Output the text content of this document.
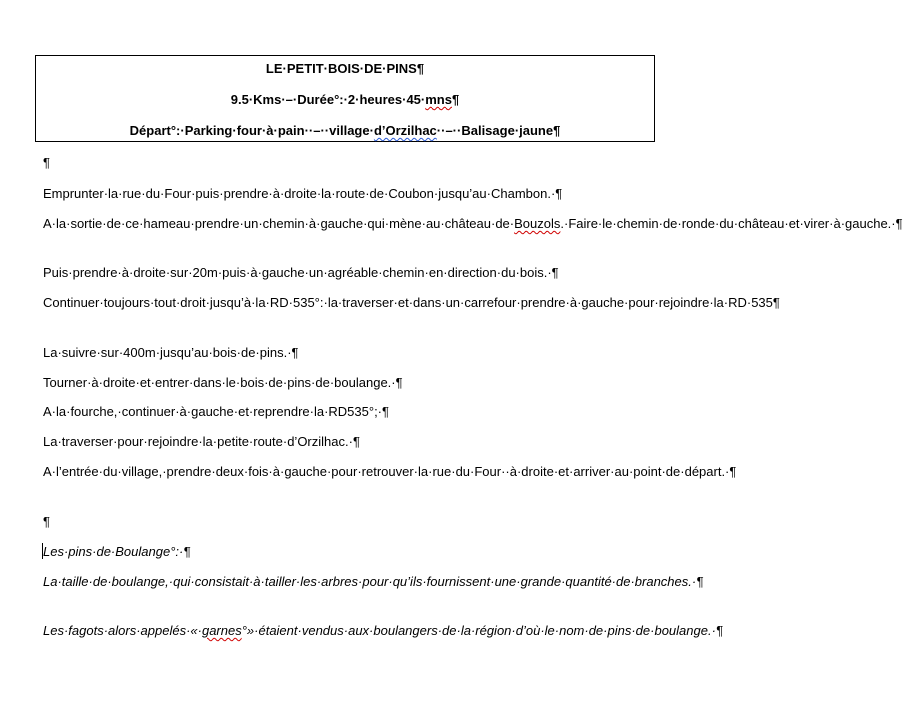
LE·PETIT·BOIS·DE·PINS¶
9.5·Kms·–·Durée°:·2·heures·45·mns¶
Départ°:·Parking·four·à·pain··–··village·d’Orzilhac··–··Balisage·jaune¶
¶
Emprunter·la·rue·du·Four·puis·prendre·à·droite·la·route·de·Coubon·jusqu’au·Chambon.·¶
A·la·sortie·de·ce·hameau·prendre·un·chemin·à·gauche·qui·mène·au·château·de·Bouzols.·Faire·le·chemin·de·ronde·du·château·et·virer·à·gauche.·¶
Puis·prendre·à·droite·sur·20m·puis·à·gauche·un·agréable·chemin·en·direction·du·bois.·¶
Continuer·toujours·tout·droit·jusqu’à·la·RD·535°:·la·traverser·et·dans·un·carrefour·prendre·à·gauche·pour·rejoindre·la·RD·535¶
La·suivre·sur·400m·jusqu’au·bois·de·pins.·¶
Tourner·à·droite·et·entrer·dans·le·bois·de·pins·de·boulange.·¶
A·la·fourche,·continuer·à·gauche·et·reprendre·la·RD535°;·¶
La·traverser·pour·rejoindre·la·petite·route·d’Orzilhac.·¶
A·l’entrée·du·village,·prendre·deux·fois·à·gauche·pour·retrouver·la·rue·du·Four··à·droite·et·arriver·au·point·de·départ.·¶
¶
Les·pins·de·Boulange°:·¶
La·taille·de·boulange,·qui·consistait·à·tailler·les·arbres·pour·qu’ils·fournissent·une·grande·quantité·de·branches.·¶
Les·fagots·alors·appelés·«·garnes°»·étaient·vendus·aux·boulangers·de·la·région·d’où·le·nom·de·pins·de·boulange.·¶
